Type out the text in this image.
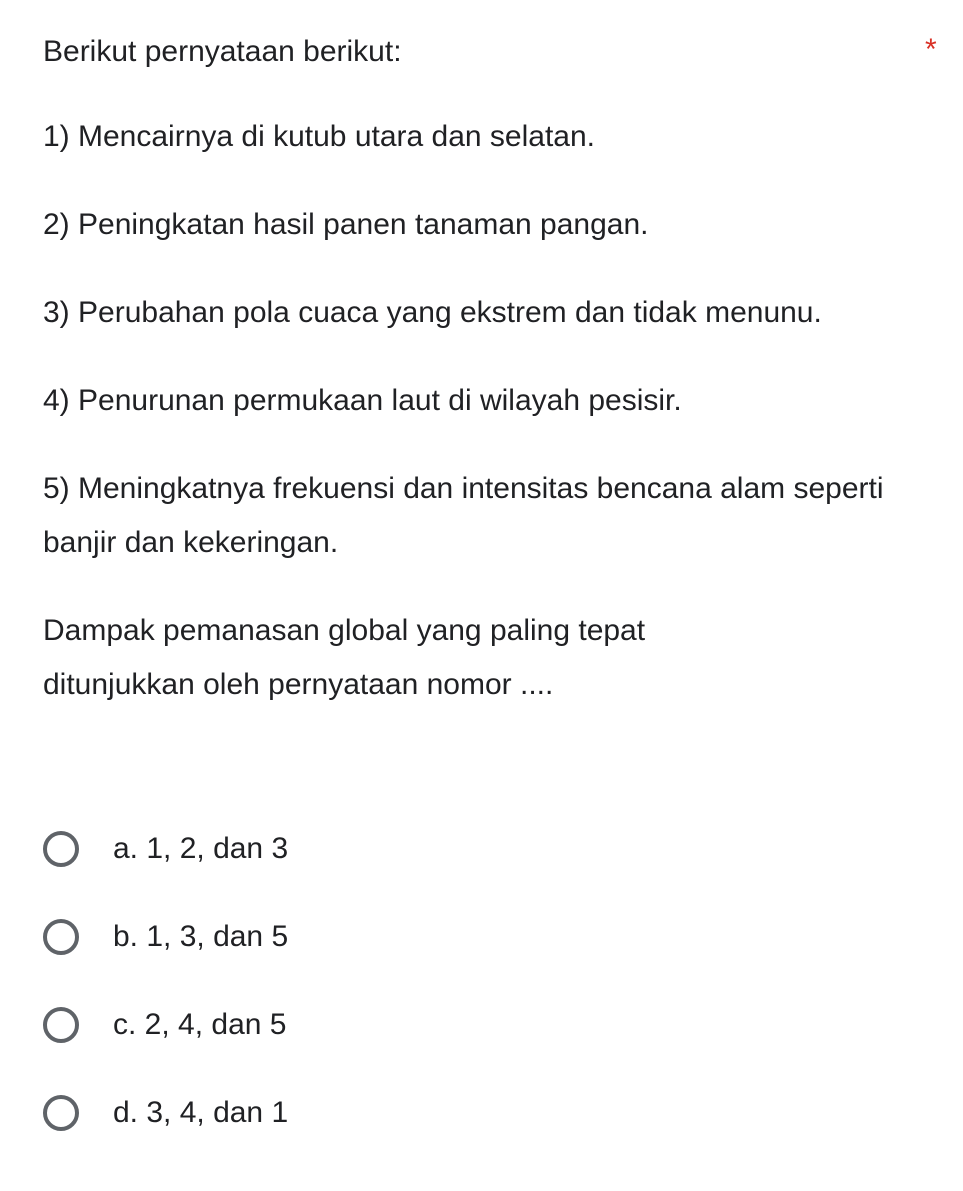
Berikut pernyataan berikut:	*

1) Mencairnya di kutub utara dan selatan.

2) Peningkatan hasil panen tanaman pangan.

3) Perubahan pola cuaca yang ekstrem dan tidak menunu.

4) Penurunan permukaan laut di wilayah pesisir.

5) Meningkatnya frekuensi dan intensitas bencana alam seperti banjir dan kekeringan.

Dampak pemanasan global yang paling tepat ditunjukkan oleh pernyataan nomor ....

a. 1, 2, dan 3
b. 1, 3, dan 5
c. 2, 4, dan 5
d. 3, 4, dan 1
